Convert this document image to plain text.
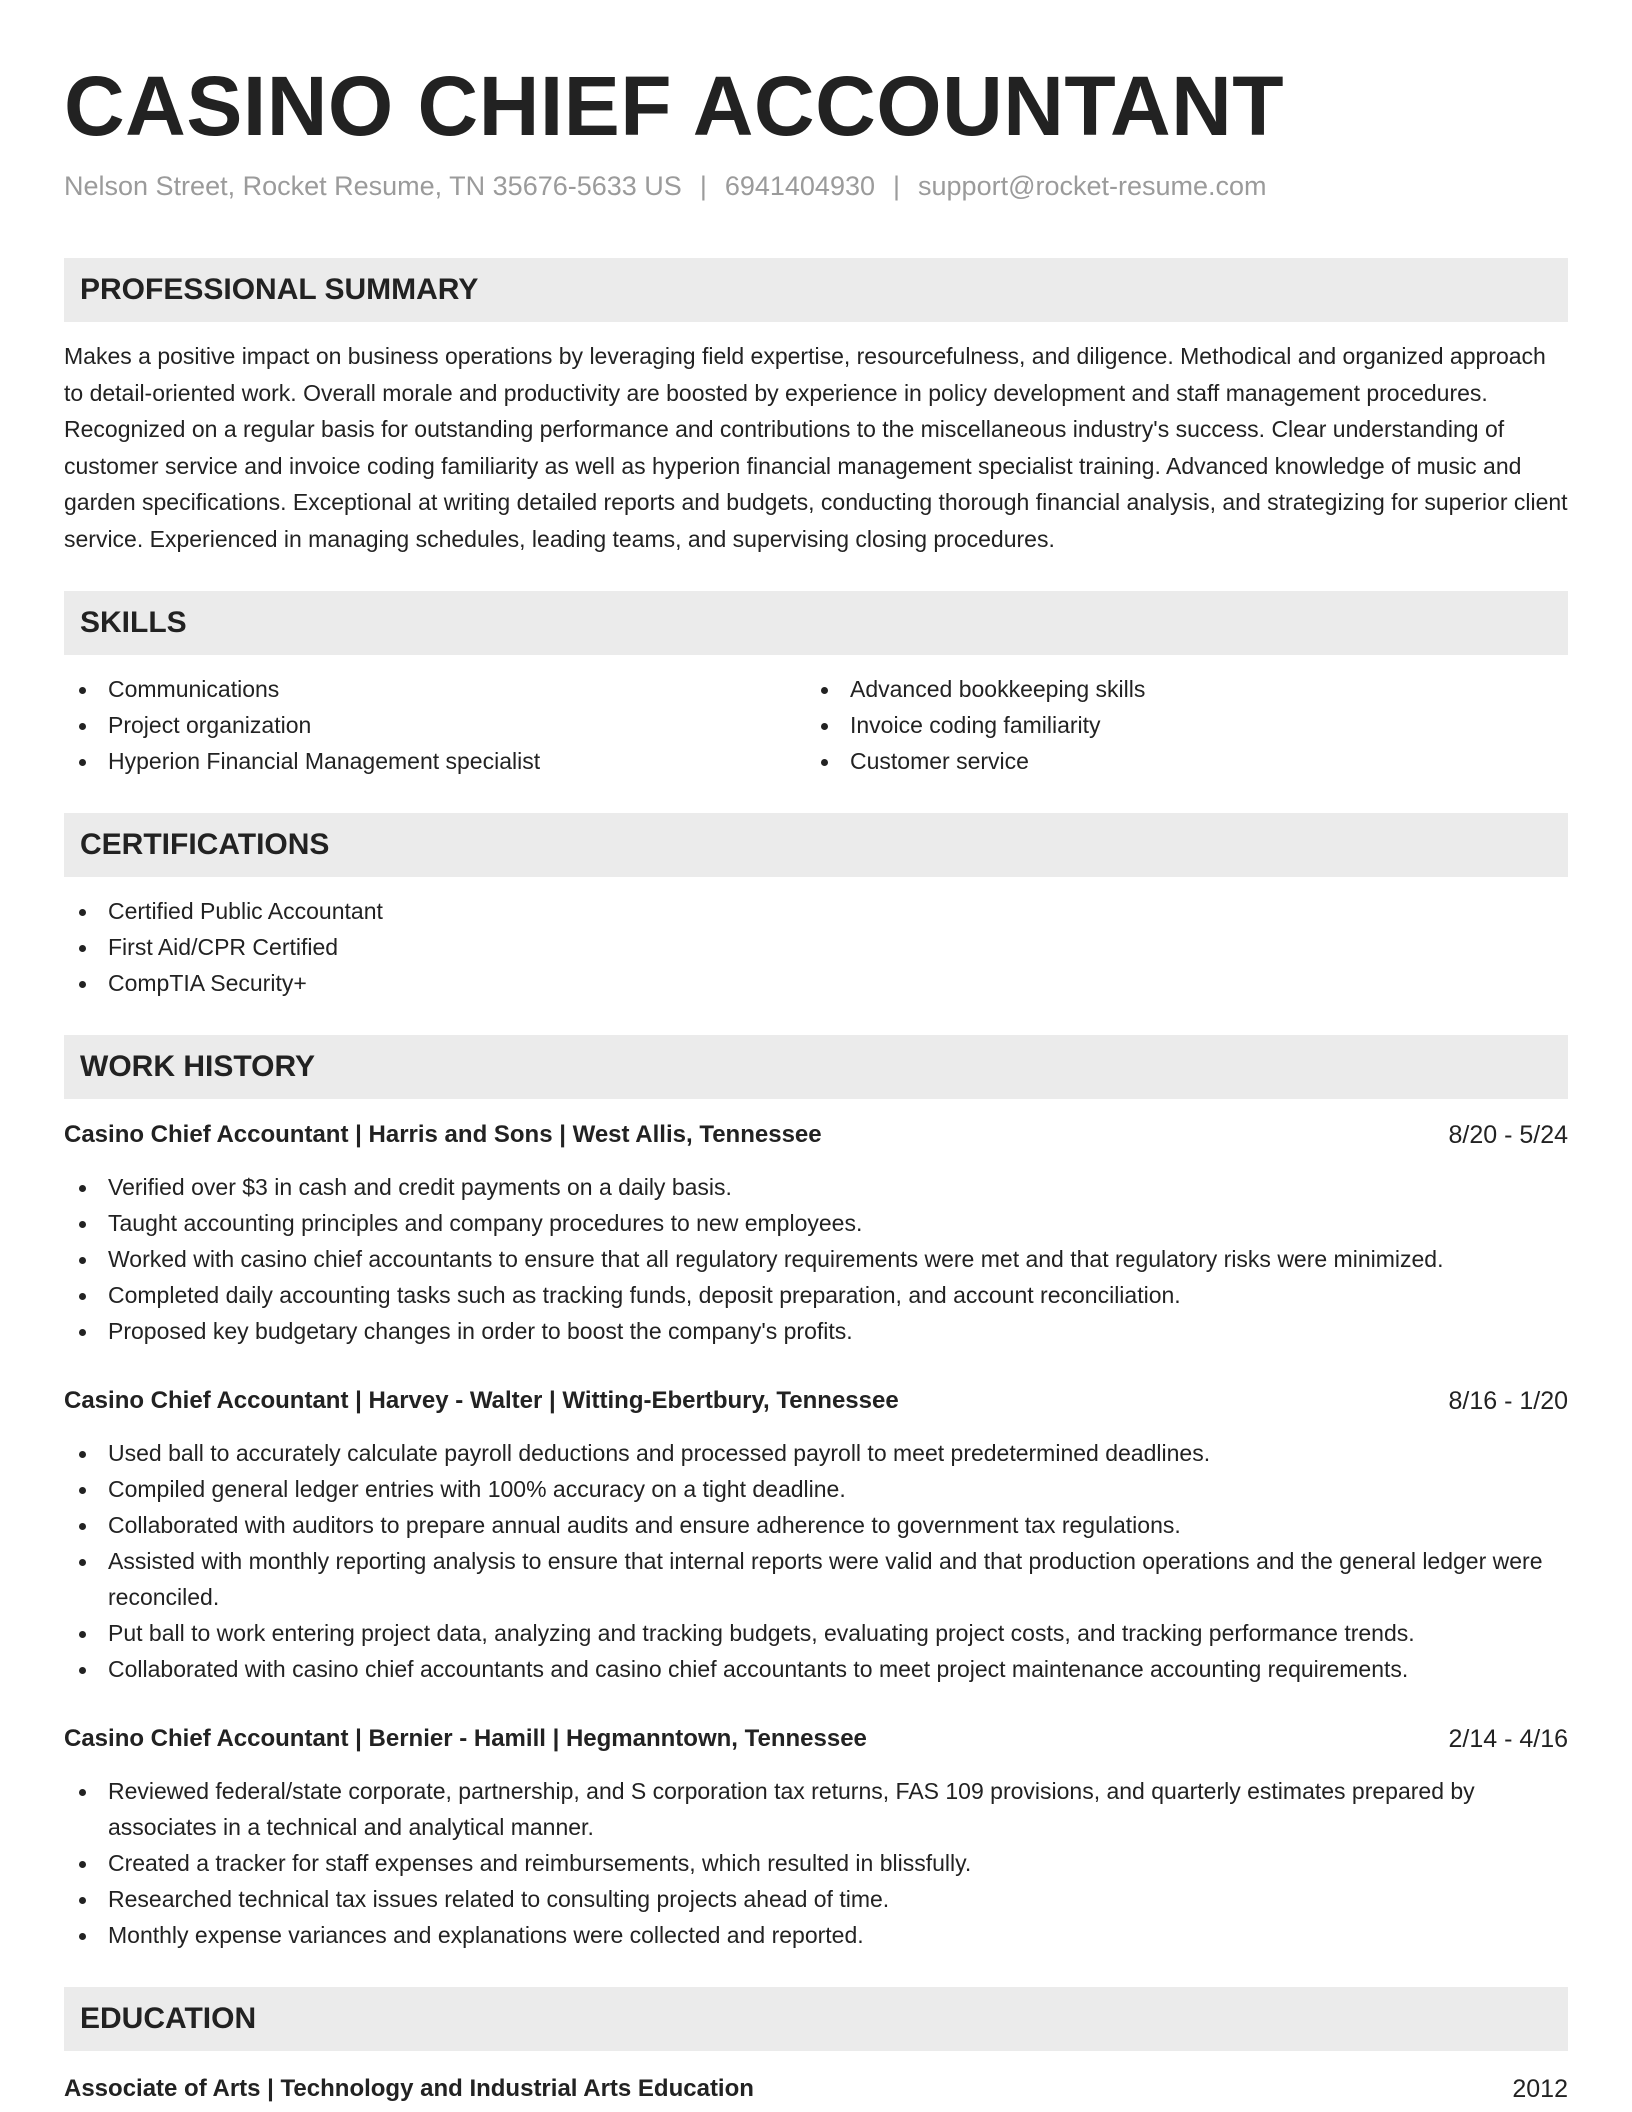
CASINO CHIEF ACCOUNTANT
Nelson Street, Rocket Resume, TN 35676-5633 US | 6941404930 | support@rocket-resume.com
PROFESSIONAL SUMMARY
Makes a positive impact on business operations by leveraging field expertise, resourcefulness, and diligence. Methodical and organized approach to detail-oriented work. Overall morale and productivity are boosted by experience in policy development and staff management procedures. Recognized on a regular basis for outstanding performance and contributions to the miscellaneous industry's success. Clear understanding of customer service and invoice coding familiarity as well as hyperion financial management specialist training. Advanced knowledge of music and garden specifications. Exceptional at writing detailed reports and budgets, conducting thorough financial analysis, and strategizing for superior client service. Experienced in managing schedules, leading teams, and supervising closing procedures.
SKILLS
Communications
Project organization
Hyperion Financial Management specialist
Advanced bookkeeping skills
Invoice coding familiarity
Customer service
CERTIFICATIONS
Certified Public Accountant
First Aid/CPR Certified
CompTIA Security+
WORK HISTORY
Casino Chief Accountant | Harris and Sons | West Allis, Tennessee	8/20 - 5/24
Verified over $3 in cash and credit payments on a daily basis.
Taught accounting principles and company procedures to new employees.
Worked with casino chief accountants to ensure that all regulatory requirements were met and that regulatory risks were minimized.
Completed daily accounting tasks such as tracking funds, deposit preparation, and account reconciliation.
Proposed key budgetary changes in order to boost the company's profits.
Casino Chief Accountant | Harvey - Walter | Witting-Ebertbury, Tennessee	8/16 - 1/20
Used ball to accurately calculate payroll deductions and processed payroll to meet predetermined deadlines.
Compiled general ledger entries with 100% accuracy on a tight deadline.
Collaborated with auditors to prepare annual audits and ensure adherence to government tax regulations.
Assisted with monthly reporting analysis to ensure that internal reports were valid and that production operations and the general ledger were reconciled.
Put ball to work entering project data, analyzing and tracking budgets, evaluating project costs, and tracking performance trends.
Collaborated with casino chief accountants and casino chief accountants to meet project maintenance accounting requirements.
Casino Chief Accountant | Bernier - Hamill | Hegmanntown, Tennessee	2/14 - 4/16
Reviewed federal/state corporate, partnership, and S corporation tax returns, FAS 109 provisions, and quarterly estimates prepared by associates in a technical and analytical manner.
Created a tracker for staff expenses and reimbursements, which resulted in blissfully.
Researched technical tax issues related to consulting projects ahead of time.
Monthly expense variances and explanations were collected and reported.
EDUCATION
Associate of Arts | Technology and Industrial Arts Education	2012
